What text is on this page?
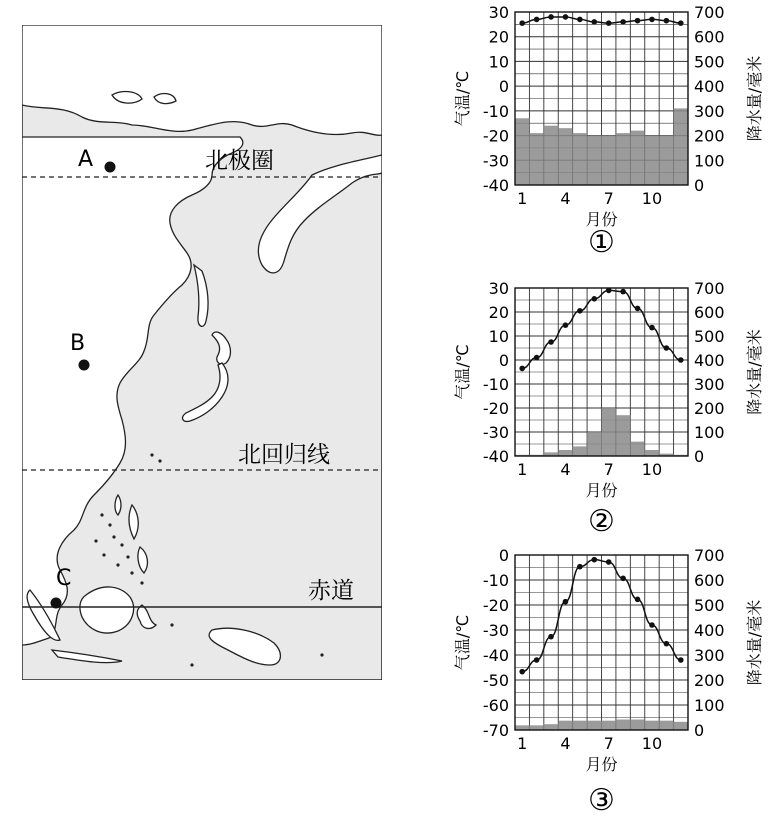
北极圈
北回归线
赤道
A
B
C
30
20
10
0
-10
-20
-30
-40
700
600
500
400
300
200
100
0
1 4 7 10
气温/℃	降水量/毫米
月份
①
30
20
10
0
-10
-20
-30
-40
700
600
500
400
300
200
100
0
1 4 7 10
气温/℃	降水量/毫米
月份
②
0
-10
-20
-30
-40
-50
-60
-70
700
600
500
400
300
200
100
0
1 4 7 10
气温/℃	降水量/毫米
月份
③
